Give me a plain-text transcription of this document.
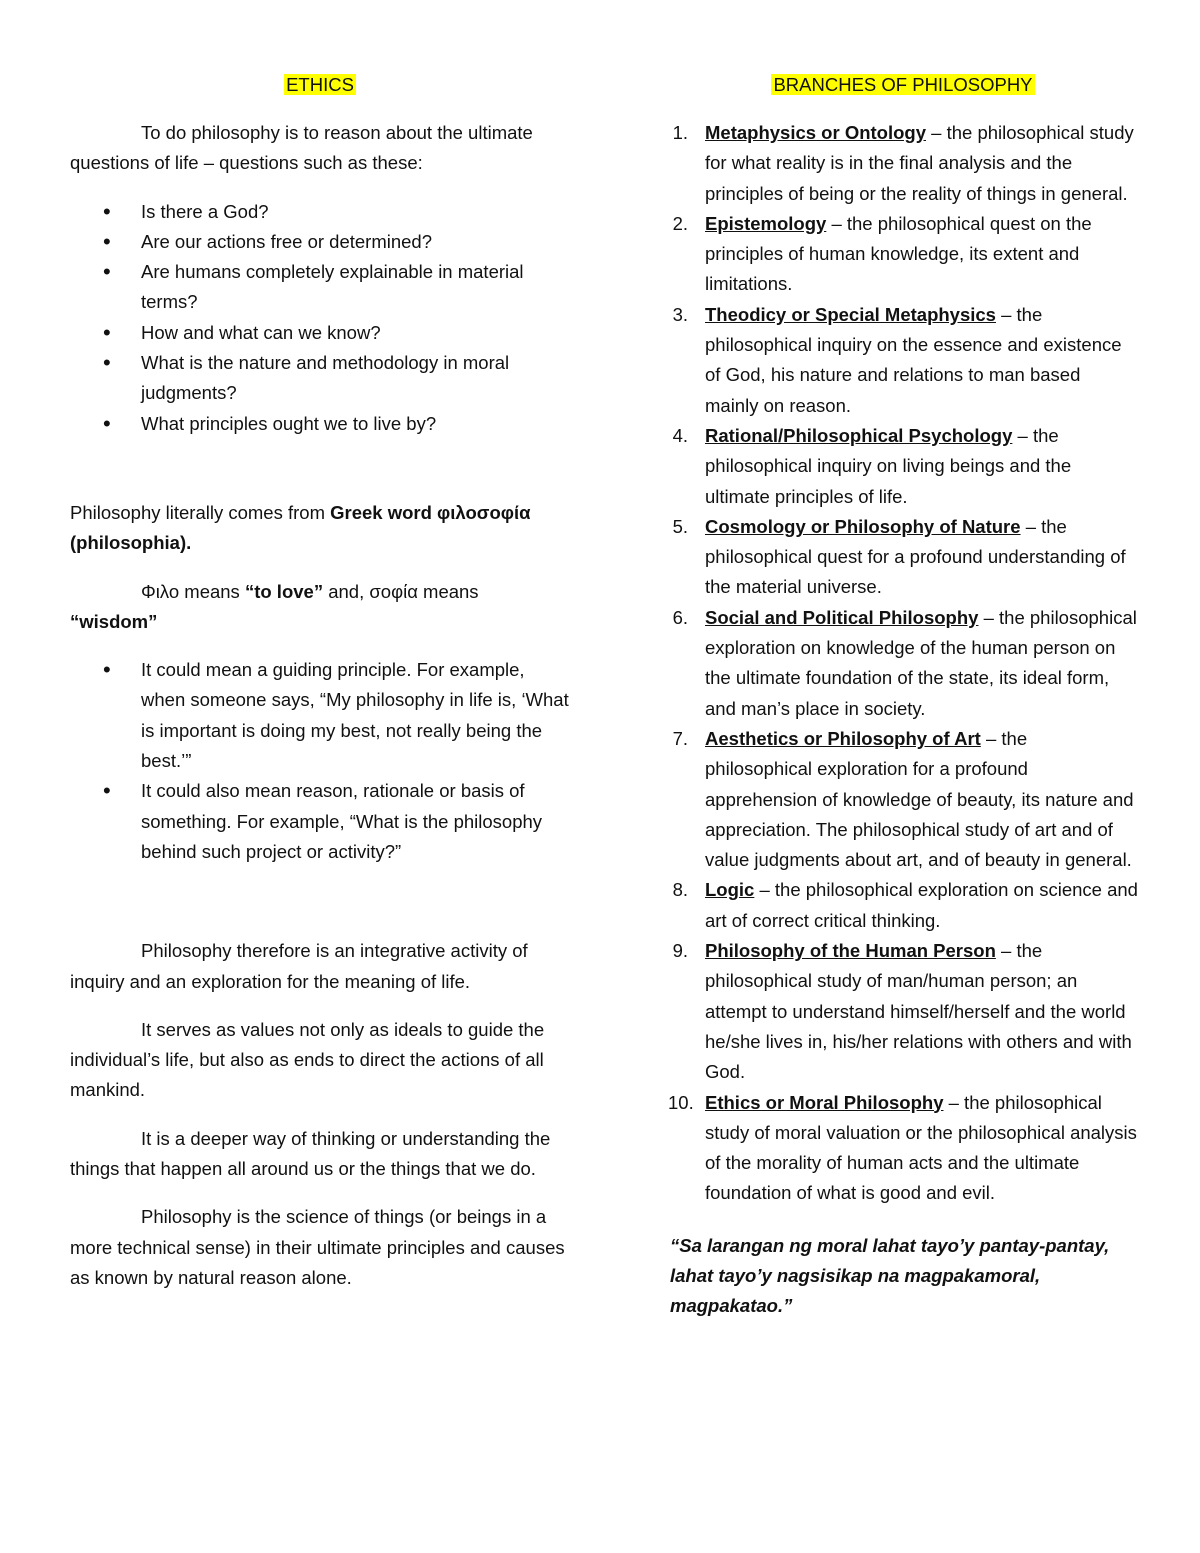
ETHICS

To do philosophy is to reason about the ultimate questions of life – questions such as these:

• Is there a God?
• Are our actions free or determined?
• Are humans completely explainable in material terms?
• How and what can we know?
• What is the nature and methodology in moral judgments?
• What principles ought we to live by?

Philosophy literally comes from Greek word φιλοσοφία (philosophia).

Φιλο means “to love” and, σοφία means “wisdom”

• It could mean a guiding principle. For example, when someone says, “My philosophy in life is, ‘What is important is doing my best, not really being the best.’”
• It could also mean reason, rationale or basis of something. For example, “What is the philosophy behind such project or activity?”

Philosophy therefore is an integrative activity of inquiry and an exploration for the meaning of life.

It serves as values not only as ideals to guide the individual’s life, but also as ends to direct the actions of all mankind.

It is a deeper way of thinking or understanding the things that happen all around us or the things that we do.

Philosophy is the science of things (or beings in a more technical sense) in their ultimate principles and causes as known by natural reason alone.

BRANCHES OF PHILOSOPHY
1. Metaphysics or Ontology – the philosophical study for what reality is in the final analysis and the principles of being or the reality of things in general.
2. Epistemology – the philosophical quest on the principles of human knowledge, its extent and limitations.
3. Theodicy or Special Metaphysics – the philosophical inquiry on the essence and existence of God, his nature and relations to man based mainly on reason.
4. Rational/Philosophical Psychology – the philosophical inquiry on living beings and the ultimate principles of life.
5. Cosmology or Philosophy of Nature – the philosophical quest for a profound understanding of the material universe.
6. Social and Political Philosophy – the philosophical exploration on knowledge of the human person on the ultimate foundation of the state, its ideal form, and man’s place in society.
7. Aesthetics or Philosophy of Art – the philosophical exploration for a profound apprehension of knowledge of beauty, its nature and appreciation. The philosophical study of art and of value judgments about art, and of beauty in general.
8. Logic – the philosophical exploration on science and art of correct critical thinking.
9. Philosophy of the Human Person – the philosophical study of man/human person; an attempt to understand himself/herself and the world he/she lives in, his/her relations with others and with God.
10. Ethics or Moral Philosophy – the philosophical study of moral valuation or the philosophical analysis of the morality of human acts and the ultimate foundation of what is good and evil.

“Sa larangan ng moral lahat tayo’y pantay-pantay, lahat tayo’y nagsisikap na magpakamoral, magpakatao.”
